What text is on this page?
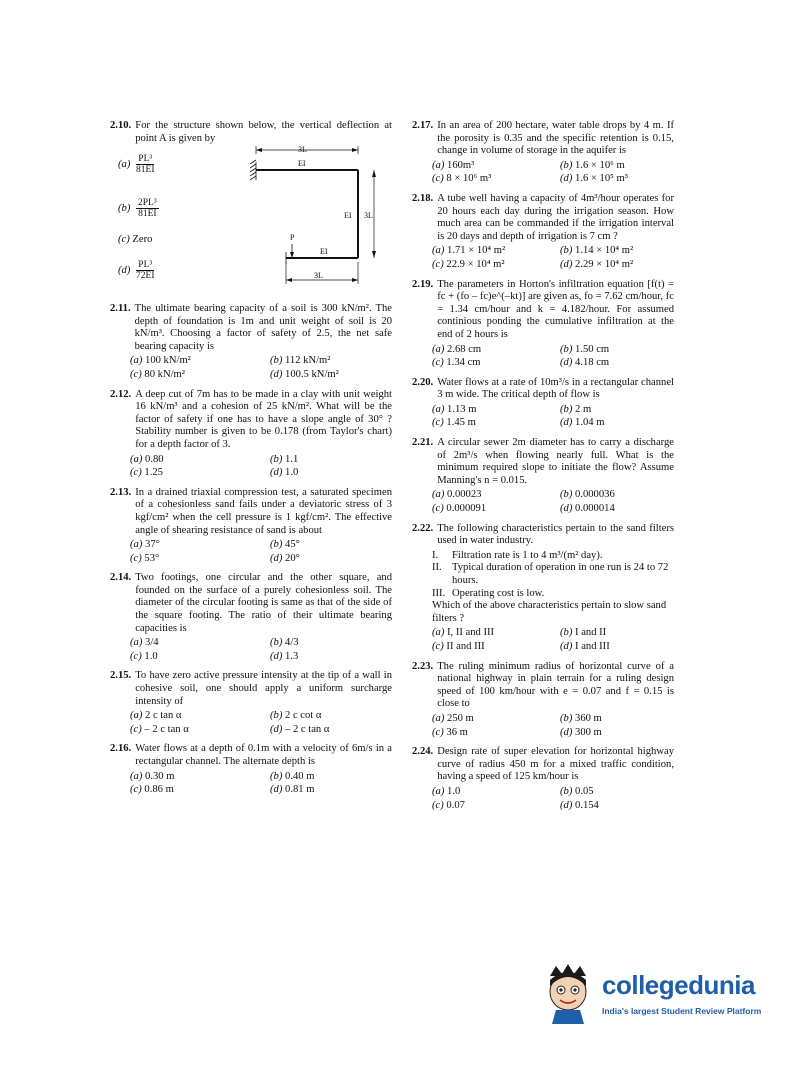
2.10. For the structure shown below, the vertical deflection at point A is given by
$(a) \frac{\text{PL³}}{81EI}$
$(b) \frac{\text{2PL³}}{81EI}$
(c) Zero
$(d) \frac{\text{PL³}}{72EI}$
3L
EI
EI 3L
P
EI
3L
2.11. The ultimate bearing capacity of a soil is 300 kN/m². The depth of foundation is 1m and unit weight of soil is 20 kN/m³. Choosing a factor of safety of 2.5, the net safe bearing capacity is
(a) 100 kN/m²	(b) 112 kN/m²
(c) 80 kN/m²	(d) 100.5 kN/m²
2.12. A deep cut of 7m has to be made in a clay with unit weight 16 kN/m³ and a cohesion of 25 kN/m². What will be the factor of safety if one has to have a slope angle of 30° ? Stability number is given to be 0.178 (from Taylor's chart) for a depth factor of 3.
(a) 0.80	(b) 1.1
(c) 1.25	(d) 1.0
2.13. In a drained triaxial compression test, a saturated specimen of a cohesionless sand fails under a deviatoric stress of 3 kgf/cm² when the cell pressure is 1 kgf/cm². The effective angle of shearing resistance of sand is about
(a) 37°	(b) 45°
(c) 53°	(d) 20°
2.14. Two footings, one circular and the other square, and founded on the surface of a purely cohesionless soil. The diameter of the circular footing is same as that of the side of the square footing. The ratio of their ultimate bearing capacities is
(a) 3/4	(b) 4/3
(c) 1.0	(d) 1.3
2.15. To have zero active pressure intensity at the tip of a wall in cohesive soil, one should apply a uniform surcharge intensity of
(a) 2 c tan α	(b) 2 c cot α
(c) – 2 c tan α	(d) – 2 c tan α
2.16. Water flows at a depth of 0.1m with a velocity of 6m/s in a rectangular channel. The alternate depth is
(a) 0.30 m	(b) 0.40 m
(c) 0.86 m	(d) 0.81 m
2.17. In an area of 200 hectare, water table drops by 4 m. If the porosity is 0.35 and the specific retention is 0.15, change in volume of storage in the aquifer is
(a) 160m³	(b) 1.6 × 10⁶ m
(c) 8 × 10⁶ m³	(d) 1.6 × 10⁵ m³
2.18. A tube well having a capacity of 4m³/hour operates for 20 hours each day during the irrigation season. How much area can be commanded if the irrigation interval is 20 days and depth of irrigation is 7 cm ?
(a) 1.71 × 10⁴ m²	(b) 1.14 × 10⁴ m²
(c) 22.9 × 10⁴ m²	(d) 2.29 × 10⁴ m²
2.19. The parameters in Horton's infiltration equation [f(t) = fc + (fo – fc)e^(–kt)] are given as, fo = 7.62 cm/hour, fc = 1.34 cm/hour and k = 4.182/hour. For assumed continious ponding the cumulative infiltration at the end of 2 hours is
(a) 2.68 cm	(b) 1.50 cm
(c) 1.34 cm	(d) 4.18 cm
2.20. Water flows at a rate of 10m³/s in a rectangular channel 3 m wide. The critical depth of flow is
(a) 1.13 m	(b) 2 m
(c) 1.45 m	(d) 1.04 m
2.21. A circular sewer 2m diameter has to carry a discharge of 2m³/s when flowing nearly full. What is the minimum required slope to initiate the flow? Assume Manning's n = 0.015.
(a) 0.00023	(b) 0.000036
(c) 0.000091	(d) 0.000014
2.22. The following characteristics pertain to the sand filters used in water industry.
I.	Filtration rate is 1 to 4 m³/(m² day).
II. Typical duration of operation in one run is 24 to 72 hours.
III. Operating cost is low.
Which of the above characteristics pertain to slow sand filters ?
(a) I, II and III	(b) I and II
(c) II and III	(d) I and III
2.23. The ruling minimum radius of horizontal curve of a national highway in plain terrain for a ruling design speed of 100 km/hour with e = 0.07 and f = 0.15 is close to
(a) 250 m	(b) 360 m
(c) 36 m	(d) 300 m
2.24. Design rate of super elevation for horizontal highway curve of radius 450 m for a mixed traffic condition, having a speed of 125 km/hour is
(a) 1.0	(b) 0.05
(c) 0.07	(d) 0.154
collegedunia
India's largest Student Review Platform
